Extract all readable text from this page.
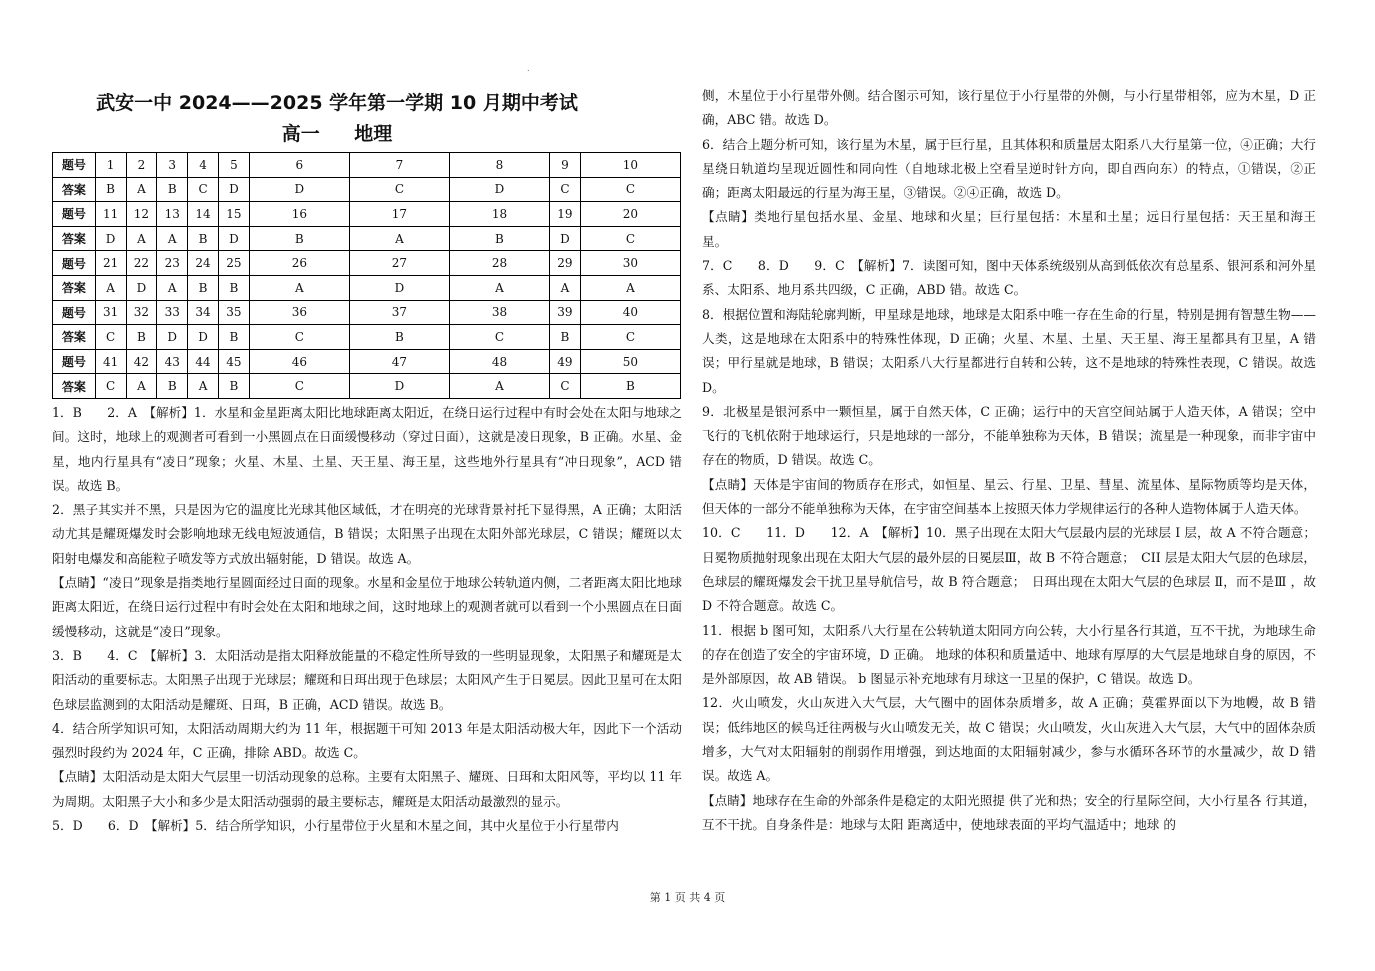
.
武安一中 2024——2025 学年第一学期 10 月期中考试
高一 地理
题号	1	2	3	4	5	6	7	8	9	10
答案	B	A	B	C	D	D	C	D	C	C
题号	11	12	13	14	15	16	17	18	19	20
答案	D	A	A	B	D	B	A	B	D	C
题号	21	22	23	24	25	26	27	28	29	30
答案	A	D	A	B	B	A	D	A	A	A
题号	31	32	33	34	35	36	37	38	39	40
答案	C	B	D	D	B	C	B	C	B	C
题号	41	42	43	44	45	46	47	48	49	50
答案	C	A	B	A	B	C	D	A	C	B

1．B　　2．A　【解析】1．水星和金星距离太阳比地球距离太阳近，在绕日运行过程中有时会处在太阳与地球之间。这时，地球上的观测者可看到一小黑圆点在日面缓慢移动（穿过日面），这就是凌日现象，B 正确。水星、金星，地内行星具有“凌日”现象；火星、木星、土星、天王星、海王星，这些地外行星具有“冲日现象”，ACD 错误。故选 B。

2．黑子其实并不黑，只是因为它的温度比光球其他区域低，才在明亮的光球背景衬托下显得黑，A 正确；太阳活动尤其是耀斑爆发时会影响地球无线电短波通信，B 错误；太阳黑子出现在太阳外部光球层，C 错误；耀斑以太阳射电爆发和高能粒子喷发等方式放出辐射能，D 错误。故选 A。

【点睛】“凌日”现象是指类地行星圆面经过日面的现象。水星和金星位于地球公转轨道内侧，二者距离太阳比地球距离太阳近，在绕日运行过程中有时会处在太阳和地球之间，这时地球上的观测者就可以看到一个小黑圆点在日面缓慢移动，这就是“凌日”现象。

3．B　　4．C　【解析】3．太阳活动是指太阳释放能量的不稳定性所导致的一些明显现象，太阳黑子和耀斑是太阳活动的重要标志。太阳黑子出现于光球层；耀斑和日珥出现于色球层；太阳风产生于日冕层。因此卫星可在太阳色球层监测到的太阳活动是耀斑、日珥，B 正确，ACD 错误。故选 B。

4．结合所学知识可知，太阳活动周期大约为 11 年，根据题干可知 2013 年是太阳活动极大年，因此下一个活动强烈时段约为 2024 年，C 正确，排除 ABD。故选 C。

【点睛】太阳活动是太阳大气层里一切活动现象的总称。主要有太阳黑子、耀斑、日珥和太阳风等，平均以 11 年为周期。太阳黑子大小和多少是太阳活动强弱的最主要标志，耀斑是太阳活动最激烈的显示。

5．D　　6．D　【解析】5．结合所学知识，小行星带位于火星和木星之间，其中火星位于小行星带内

侧，木星位于小行星带外侧。结合图示可知，该行星位于小行星带的外侧，与小行星带相邻，应为木星，D 正确，ABC 错。故选 D。

6．结合上题分析可知，该行星为木星，属于巨行星，且其体积和质量居太阳系八大行星第一位，④正确；大行星绕日轨道均呈现近圆性和同向性（自地球北极上空看呈逆时针方向，即自西向东）的特点，①错误，②正确；距离太阳最远的行星为海王星，③错误。②④正确，故选 D。

【点睛】类地行星包括水星、金星、地球和火星；巨行星包括：木星和土星；远日行星包括：天王星和海王星。

7．C　　8．D　　9．C　【解析】7．读图可知，图中天体系统级别从高到低依次有总星系、银河系和河外星系、太阳系、地月系共四级，C 正确，ABD 错。故选 C。

8．根据位置和海陆轮廓判断，甲星球是地球，地球是太阳系中唯一存在生命的行星，特别是拥有智慧生物——人类，这是地球在太阳系中的特殊性体现，D 正确；火星、木星、土星、天王星、海王星都具有卫星，A 错误；甲行星就是地球，B 错误；太阳系八大行星都进行自转和公转，这不是地球的特殊性表现，C 错误。故选 D。

9．北极星是银河系中一颗恒星，属于自然天体，C 正确；运行中的天宫空间站属于人造天体，A 错误；空中飞行的飞机依附于地球运行，只是地球的一部分，不能单独称为天体，B 错误；流星是一种现象，而非宇宙中存在的物质，D 错误。故选 C。

【点睛】天体是宇宙间的物质存在形式，如恒星、星云、行星、卫星、彗星、流星体、星际物质等均是天体，但天体的一部分不能单独称为天体，在宇宙空间基本上按照天体力学规律运行的各种人造物体属于人造天体。

10．C　　11．D　　12．A　【解析】10．黑子出现在太阳大气层最内层的光球层 I 层，故 A 不符合题意；日冕物质抛射现象出现在太阳大气层的最外层的日冕层Ⅲ，故 B 不符合题意；　CII 层是太阳大气层的色球层，色球层的耀斑爆发会干扰卫星导航信号，故 B 符合题意；　日珥出现在太阳大气层的色球层 Ⅱ，而不是Ⅲ ，故 D 不符合题意。故选 C。

11．根据 b 图可知，太阳系八大行星在公转轨道太阳同方向公转，大小行星各行其道，互不干扰，为地球生命的存在创造了安全的宇宙环境，D 正确。 地球的体积和质量适中、地球有厚厚的大气层是地球自身的原因，不是外部原因，故 AB 错误。 b 图显示补充地球有月球这一卫星的保护，C 错误。故选 D。

12．火山喷发，火山灰进入大气层，大气圈中的固体杂质增多，故 A 正确；莫霍界面以下为地幔，故 B 错误；低纬地区的候鸟迁往两极与火山喷发无关，故 C 错误；火山喷发，火山灰进入大气层，大气中的固体杂质增多，大气对太阳辐射的削弱作用增强，到达地面的太阳辐射减少，参与水循环各环节的水量减少，故 D 错误。故选 A。

【点睛】地球存在生命的外部条件是稳定的太阳光照提 供了光和热；安全的行星际空间，大小行星各 行其道，互不干扰。自身条件是：地球与太阳 距离适中，使地球表面的平均气温适中；地球 的

第 1 页 共 4 页
